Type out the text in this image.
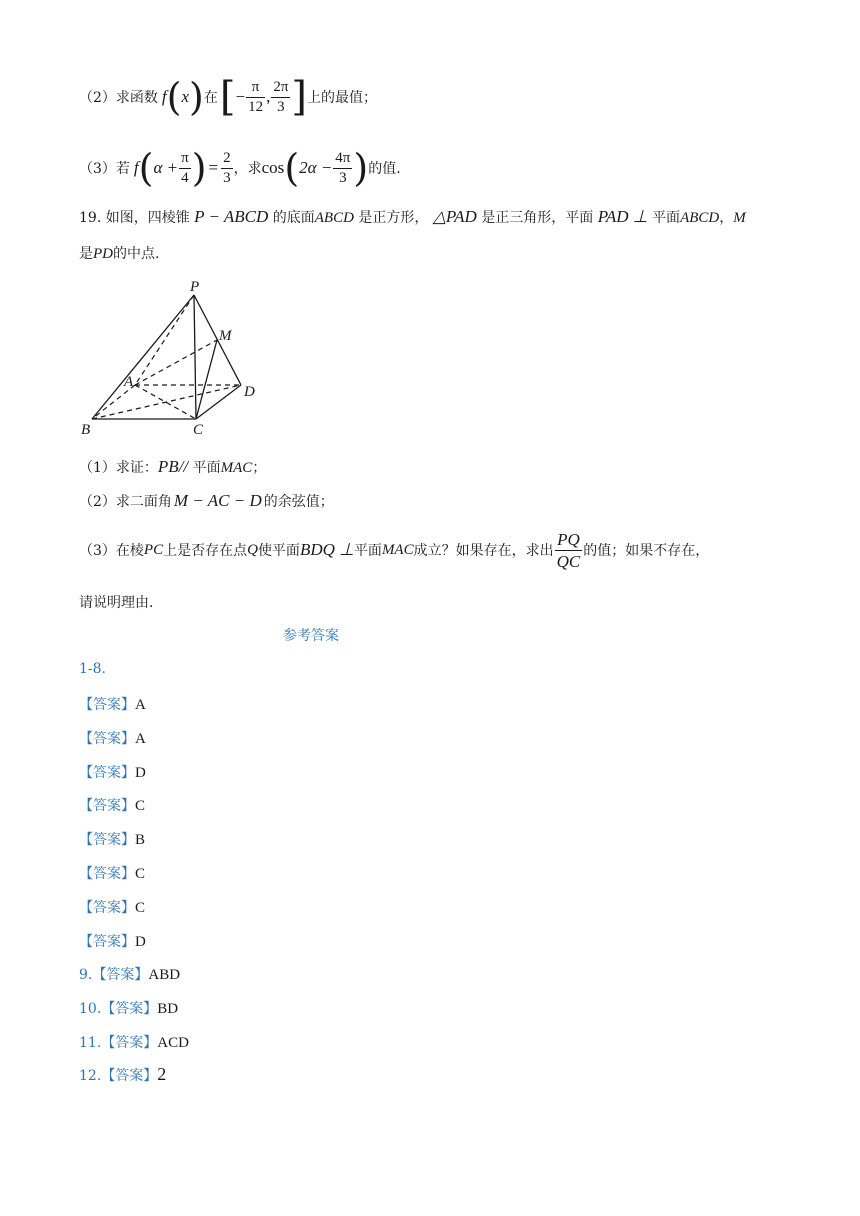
（2）求函数 f ( x ) 在 [ − $\frac{\pi}{12}$ , $\frac{2\pi}{3}$ ] 上的最值；
（3）若 f ( $\alpha + \frac{\pi}{4}$ ) = $\frac{2}{3}$ ，求 cos ( $2\alpha - \frac{4\pi}{3}$ ) 的值.
19. 如图，四棱锥 P − ABCD 的底面ABCD 是正方形， △PAD 是正三角形，平面 PAD ⊥ 平面ABCD，M
是PD的中点.
P
M
A
D
B	C
（1）求证：PB// 平面MAC；
（2）求二面角 M − AC − D 的余弦值；
（3）在棱 PC 上是否存在点 Q 使平面 BDQ ⊥ 平面 MAC 成立？如果存在，求出 $\frac{PQ}{QC}$ 的值；如果不存在，
请说明理由.
参考答案
1-8.
【答案】A
【答案】A
【答案】D
【答案】C
【答案】B
【答案】C
【答案】C
【答案】D
9.【答案】ABD
10.【答案】BD
11.【答案】ACD
12.【答案】2
